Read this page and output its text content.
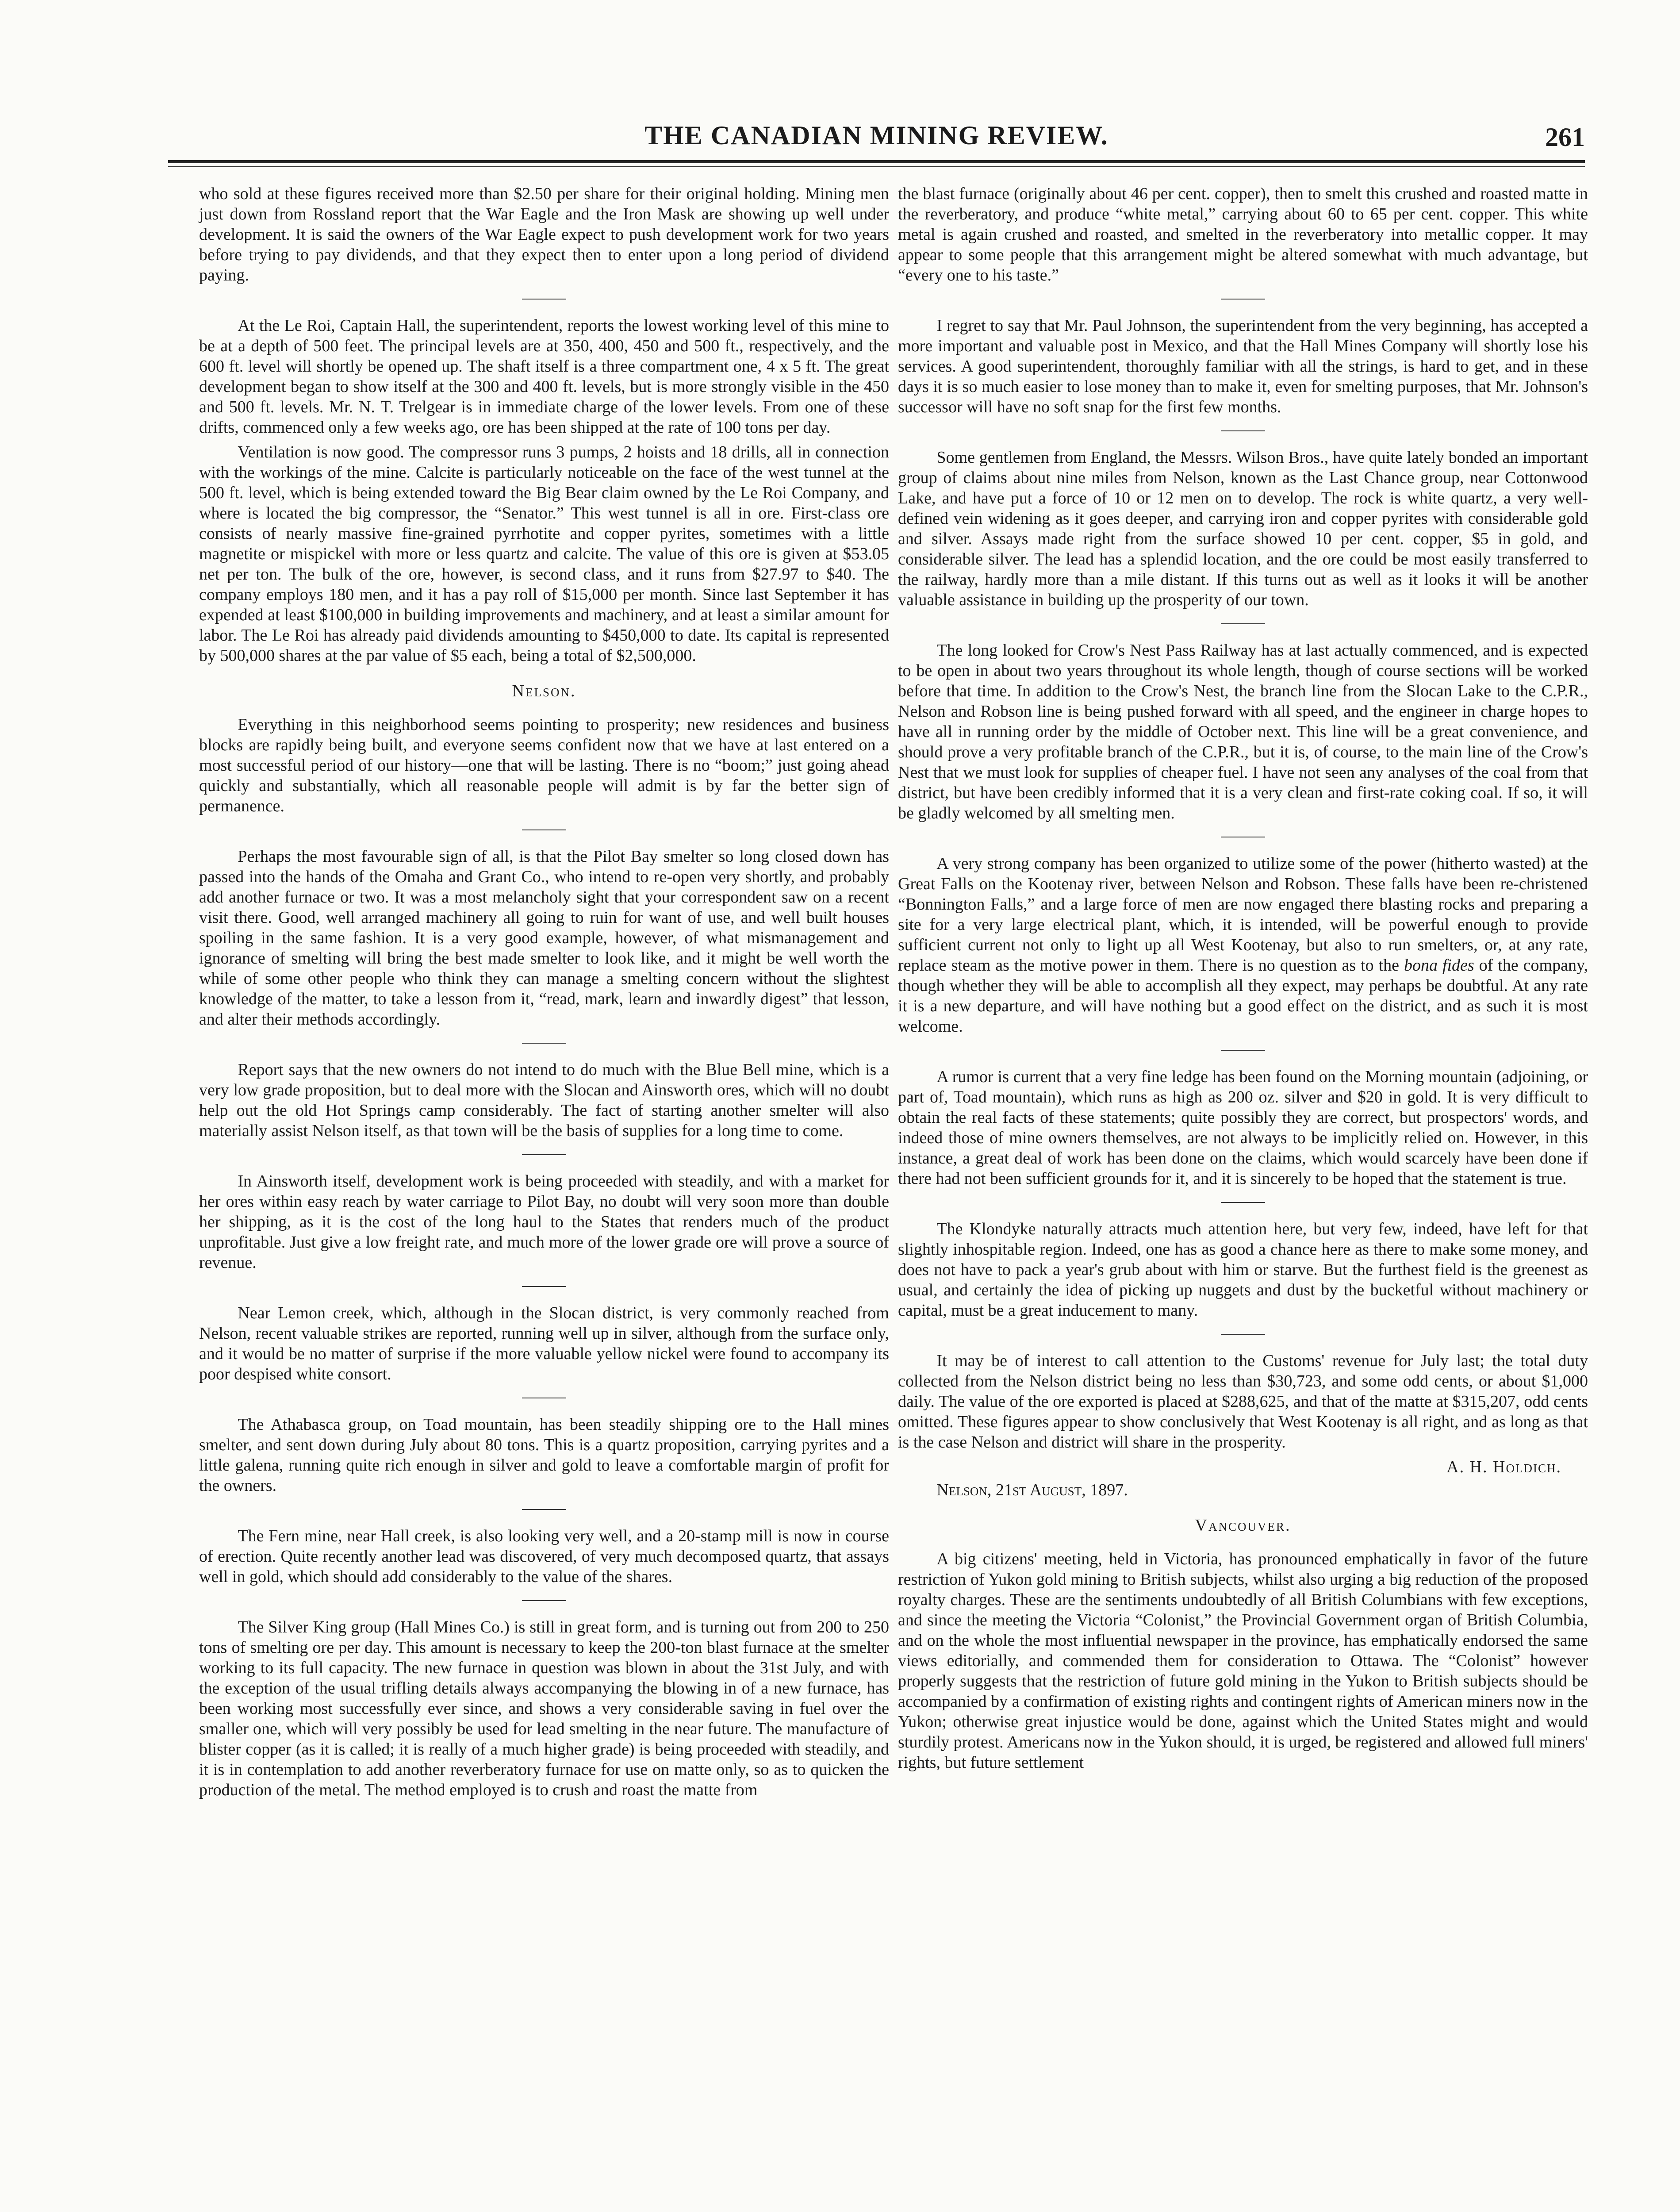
THE CANADIAN MINING REVIEW.	261

who sold at these figures received more than $2.50 per share for their original holding. Mining men just down from Rossland report that the War Eagle and the Iron Mask are showing up well under development. It is said the owners of the War Eagle expect to push development work for two years before trying to pay dividends, and that they expect then to enter upon a long period of dividend paying.

At the Le Roi, Captain Hall, the superintendent, reports the lowest working level of this mine to be at a depth of 500 feet. The principal levels are at 350, 400, 450 and 500 ft., respectively, and the 600 ft. level will shortly be opened up. The shaft itself is a three compartment one, 4 x 5 ft. The great development began to show itself at the 300 and 400 ft. levels, but is more strongly visible in the 450 and 500 ft. levels. Mr. N. T. Trelgear is in immediate charge of the lower levels. From one of these drifts, commenced only a few weeks ago, ore has been shipped at the rate of 100 tons per day.

Ventilation is now good. The compressor runs 3 pumps, 2 hoists and 18 drills, all in connection with the workings of the mine. Calcite is particularly noticeable on the face of the west tunnel at the 500 ft. level, which is being extended toward the Big Bear claim owned by the Le Roi Company, and where is located the big compressor, the “Senator.” This west tunnel is all in ore. First-class ore consists of nearly massive fine-grained pyrrhotite and copper pyrites, sometimes with a little magnetite or mispickel with more or less quartz and calcite. The value of this ore is given at $53.05 net per ton. The bulk of the ore, however, is second class, and it runs from $27.97 to $40. The company employs 180 men, and it has a pay roll of $15,000 per month. Since last September it has expended at least $100,000 in building improvements and machinery, and at least a similar amount for labor. The Le Roi has already paid dividends amounting to $450,000 to date. Its capital is represented by 500,000 shares at the par value of $5 each, being a total of $2,500,000.

Nelson.

Everything in this neighborhood seems pointing to prosperity; new residences and business blocks are rapidly being built, and everyone seems confident now that we have at last entered on a most successful period of our history—one that will be lasting. There is no “boom;” just going ahead quickly and substantially, which all reasonable people will admit is by far the better sign of permanence.

Perhaps the most favourable sign of all, is that the Pilot Bay smelter so long closed down has passed into the hands of the Omaha and Grant Co., who intend to re-open very shortly, and probably add another furnace or two. It was a most melancholy sight that your correspondent saw on a recent visit there. Good, well arranged machinery all going to ruin for want of use, and well built houses spoiling in the same fashion. It is a very good example, however, of what mismanagement and ignorance of smelting will bring the best made smelter to look like, and it might be well worth the while of some other people who think they can manage a smelting concern without the slightest knowledge of the matter, to take a lesson from it, “read, mark, learn and inwardly digest” that lesson, and alter their methods accordingly.

Report says that the new owners do not intend to do much with the Blue Bell mine, which is a very low grade proposition, but to deal more with the Slocan and Ainsworth ores, which will no doubt help out the old Hot Springs camp considerably. The fact of starting another smelter will also materially assist Nelson itself, as that town will be the basis of supplies for a long time to come.

In Ainsworth itself, development work is being proceeded with steadily, and with a market for her ores within easy reach by water carriage to Pilot Bay, no doubt will very soon more than double her shipping, as it is the cost of the long haul to the States that renders much of the product unprofitable. Just give a low freight rate, and much more of the lower grade ore will prove a source of revenue.

Near Lemon creek, which, although in the Slocan district, is very commonly reached from Nelson, recent valuable strikes are reported, running well up in silver, although from the surface only, and it would be no matter of surprise if the more valuable yellow nickel were found to accompany its poor despised white consort.

The Athabasca group, on Toad mountain, has been steadily shipping ore to the Hall mines smelter, and sent down during July about 80 tons. This is a quartz proposition, carrying pyrites and a little galena, running quite rich enough in silver and gold to leave a comfortable margin of profit for the owners.

The Fern mine, near Hall creek, is also looking very well, and a 20-stamp mill is now in course of erection. Quite recently another lead was discovered, of very much decomposed quartz, that assays well in gold, which should add considerably to the value of the shares.

The Silver King group (Hall Mines Co.) is still in great form, and is turning out from 200 to 250 tons of smelting ore per day. This amount is necessary to keep the 200-ton blast furnace at the smelter working to its full capacity. The new furnace in question was blown in about the 31st July, and with the exception of the usual trifling details always accompanying the blowing in of a new furnace, has been working most successfully ever since, and shows a very considerable saving in fuel over the smaller one, which will very possibly be used for lead smelting in the near future. The manufacture of blister copper (as it is called; it is really of a much higher grade) is being proceeded with steadily, and it is in contemplation to add another reverberatory furnace for use on matte only, so as to quicken the production of the metal. The method employed is to crush and roast the matte from

the blast furnace (originally about 46 per cent. copper), then to smelt this crushed and roasted matte in the reverberatory, and produce “white metal,” carrying about 60 to 65 per cent. copper. This white metal is again crushed and roasted, and smelted in the reverberatory into metallic copper. It may appear to some people that this arrangement might be altered somewhat with much advantage, but “every one to his taste.”

I regret to say that Mr. Paul Johnson, the superintendent from the very beginning, has accepted a more important and valuable post in Mexico, and that the Hall Mines Company will shortly lose his services. A good superintendent, thoroughly familiar with all the strings, is hard to get, and in these days it is so much easier to lose money than to make it, even for smelting purposes, that Mr. Johnson's successor will have no soft snap for the first few months.

Some gentlemen from England, the Messrs. Wilson Bros., have quite lately bonded an important group of claims about nine miles from Nelson, known as the Last Chance group, near Cottonwood Lake, and have put a force of 10 or 12 men on to develop. The rock is white quartz, a very well-defined vein widening as it goes deeper, and carrying iron and copper pyrites with considerable gold and silver. Assays made right from the surface showed 10 per cent. copper, $5 in gold, and considerable silver. The lead has a splendid location, and the ore could be most easily transferred to the railway, hardly more than a mile distant. If this turns out as well as it looks it will be another valuable assistance in building up the prosperity of our town.

The long looked for Crow's Nest Pass Railway has at last actually commenced, and is expected to be open in about two years throughout its whole length, though of course sections will be worked before that time. In addition to the Crow's Nest, the branch line from the Slocan Lake to the C.P.R., Nelson and Robson line is being pushed forward with all speed, and the engineer in charge hopes to have all in running order by the middle of October next. This line will be a great convenience, and should prove a very profitable branch of the C.P.R., but it is, of course, to the main line of the Crow's Nest that we must look for supplies of cheaper fuel. I have not seen any analyses of the coal from that district, but have been credibly informed that it is a very clean and first-rate coking coal. If so, it will be gladly welcomed by all smelting men.

A very strong company has been organized to utilize some of the power (hitherto wasted) at the Great Falls on the Kootenay river, between Nelson and Robson. These falls have been re-christened “Bonnington Falls,” and a large force of men are now engaged there blasting rocks and preparing a site for a very large electrical plant, which, it is intended, will be powerful enough to provide sufficient current not only to light up all West Kootenay, but also to run smelters, or, at any rate, replace steam as the motive power in them. There is no question as to the bona fides of the company, though whether they will be able to accomplish all they expect, may perhaps be doubtful. At any rate it is a new departure, and will have nothing but a good effect on the district, and as such it is most welcome.

A rumor is current that a very fine ledge has been found on the Morning mountain (adjoining, or part of, Toad mountain), which runs as high as 200 oz. silver and $20 in gold. It is very difficult to obtain the real facts of these statements; quite possibly they are correct, but prospectors' words, and indeed those of mine owners themselves, are not always to be implicitly relied on. However, in this instance, a great deal of work has been done on the claims, which would scarcely have been done if there had not been sufficient grounds for it, and it is sincerely to be hoped that the statement is true.

The Klondyke naturally attracts much attention here, but very few, indeed, have left for that slightly inhospitable region. Indeed, one has as good a chance here as there to make some money, and does not have to pack a year's grub about with him or starve. But the furthest field is the greenest as usual, and certainly the idea of picking up nuggets and dust by the bucketful without machinery or capital, must be a great inducement to many.

It may be of interest to call attention to the Customs' revenue for July last; the total duty collected from the Nelson district being no less than $30,723, and some odd cents, or about $1,000 daily. The value of the ore exported is placed at $288,625, and that of the matte at $315,207, odd cents omitted. These figures appear to show conclusively that West Kootenay is all right, and as long as that is the case Nelson and district will share in the prosperity.

A. H. Holdich.
Nelson, 21st August, 1897.
Vancouver.

A big citizens' meeting, held in Victoria, has pronounced emphatically in favor of the future restriction of Yukon gold mining to British subjects, whilst also urging a big reduction of the proposed royalty charges. These are the sentiments undoubtedly of all British Columbians with few exceptions, and since the meeting the Victoria “Colonist,” the Provincial Government organ of British Columbia, and on the whole the most influential newspaper in the province, has emphatically endorsed the same views editorially, and commended them for consideration to Ottawa. The “Colonist” however properly suggests that the restriction of future gold mining in the Yukon to British subjects should be accompanied by a confirmation of existing rights and contingent rights of American miners now in the Yukon; otherwise great injustice would be done, against which the United States might and would sturdily protest. Americans now in the Yukon should, it is urged, be registered and allowed full miners' rights, but future settlement
